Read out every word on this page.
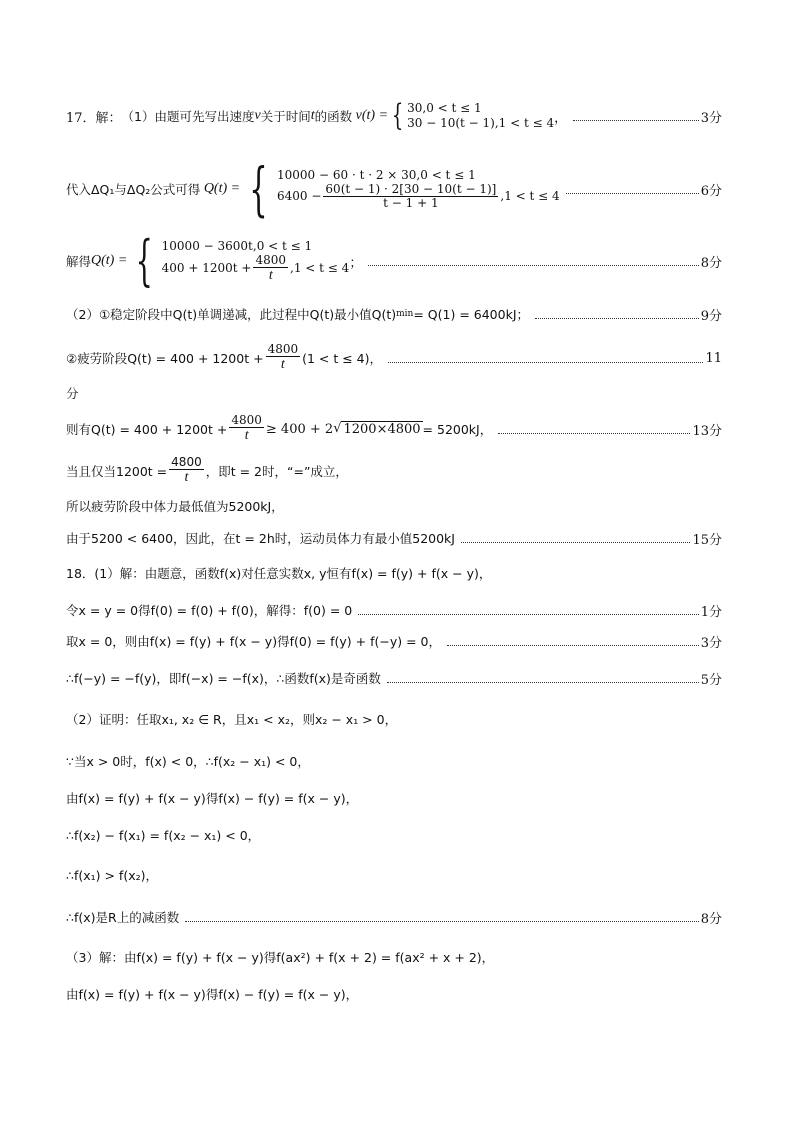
17．解： （1）由题可先写出速度 v 关于时间 t 的函数 v(t) = { 30,0 < t ≤ 1
30 − 10(t − 1),1 < t ≤ 4 ，	3分
代入ΔQ₁与ΔQ₂公式可得 Q(t) = { 10000 − 60 · t · 2 × 30,0 < t ≤ 1
$6400 - \frac{60(t - 1) \cdot 2[30 - 10(t - 1)]}{t - 1 + 1} ,1 < t \le 4$	6分
解得 Q(t) = { 10000 − 3600t,0 < t ≤ 1
$400 + 1200t + \frac{4800}{t} ,1 < t \le 4$ ；	8分
（2）①稳定阶段中Q(t)单调递减，此过程中Q(t)最小值Q(t) min = Q(1) = 6400kJ；	9分
②疲劳阶段$Q(t) = 400 + 1200t + \frac{4800}{t} (1 < t \le 4)$，	11
分
则有$Q(t) = 400 + 1200t + \frac{4800}{t} \ge 400 + 2$ √ 1200×4800 = 5200kJ，	13分
当且仅当$1200t = \frac{4800}{t}$ ，即t = 2时，“=”成立，
所以疲劳阶段中体力最低值为5200kJ，
由于5200 < 6400，因此，在t = 2h时，运动员体力有最小值5200kJ	15分
18．(1）解：由题意，函数f(x)对任意实数x, y恒有f(x) = f(y) + f(x − y)，
令x = y = 0得f(0) = f(0) + f(0)，解得：f(0) = 0	1分
取x = 0，则由f(x) = f(y) + f(x − y)得f(0) = f(y) + f(−y) = 0，	3分
∴f(−y) = −f(y)，即f(−x) = −f(x)，∴函数f(x)是奇函数	5分
（2）证明：任取x₁, x₂ ∈ R，且x₁ < x₂，则x₂ − x₁ > 0，
∵当x > 0时，f(x) < 0，∴f(x₂ − x₁) < 0，
由f(x) = f(y) + f(x − y)得f(x) − f(y) = f(x − y)，
∴f(x₂) − f(x₁) = f(x₂ − x₁) < 0，
∴f(x₁) > f(x₂)，
∴f(x)是R上的减函数	8分
（3）解：由f(x) = f(y) + f(x − y)得f(ax²) + f(x + 2) = f(ax² + x + 2)，
由f(x) = f(y) + f(x − y)得f(x) − f(y) = f(x − y)，
